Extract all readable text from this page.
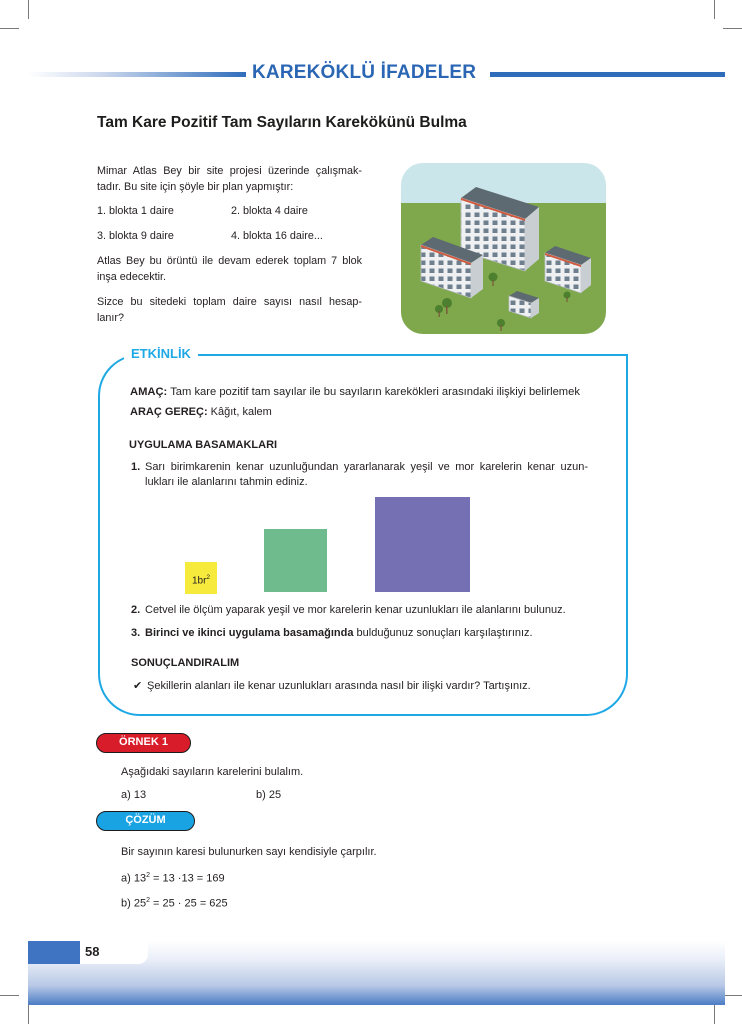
KAREKÖKLÜ İFADELER
Tam Kare Pozitif Tam Sayıların Karekökünü Bulma

Mimar Atlas Bey bir site projesi üzerinde çalışmak-

tadır. Bu site için şöyle bir plan yapmıştır:

1. blokta 1 daire	2. blokta 4 daire

3. blokta 9 daire	4. blokta 16 daire...

Atlas Bey bu örüntü ile devam ederek toplam 7 blok

inşa edecektir.

Sizce bu sitedeki toplam daire sayısı nasıl hesap-

lanır?

ETKİNLİK

AMAÇ: Tam kare pozitif tam sayılar ile bu sayıların karekökleri arasındaki ilişkiyi belirlemek

ARAÇ GEREÇ: Kâğıt, kalem

UYGULAMA BASAMAKLARI

1. Sarı birimkarenin kenar uzunluğundan yararlanarak yeşil ve mor karelerin kenar uzun-

lukları ile alanlarını tahmin ediniz.

$1br^2$

2. Cetvel ile ölçüm yaparak yeşil ve mor karelerin kenar uzunlukları ile alanlarını bulunuz.

3. Birinci ve ikinci uygulama basamağında bulduğunuz sonuçları karşılaştırınız.

SONUÇLANDIRALIM

✔ Şekillerin alanları ile kenar uzunlukları arasında nasıl bir ilişki vardır? Tartışınız.

ÖRNEK 1

Aşağıdaki sayıların karelerini bulalım.

a) 13	b) 25

ÇÖZÜM

Bir sayının karesi bulunurken sayı kendisiyle çarpılır.

a) $13^2 = 13 \cdot 13 = 169$

b) $25^2 = 25 \cdot 25 = 625$

58
